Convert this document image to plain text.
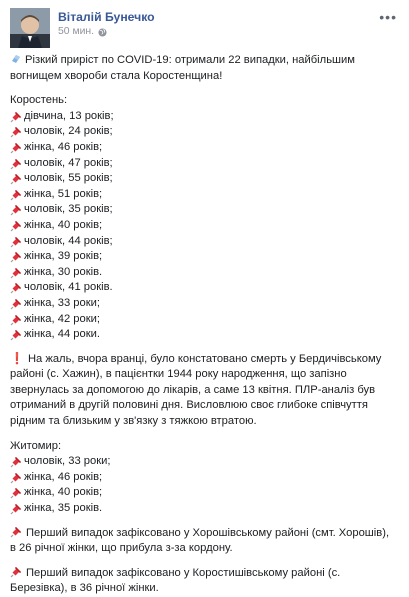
Віталій Бунечко
50 мин.
•••

Різкий приріст по COVID-19: отримали 22 випадки, найбільшим вогнищем хвороби стала Коростенщина!

Коростень:

дівчина, 13 років;
чоловік, 24 років;
жінка, 46 років;
чоловік, 47 років;
чоловік, 55 років;
жінка, 51 років;
чоловік, 35 років;
жінка, 40 років;
чоловік, 44 років;
жінка, 39 років;
жінка, 30 років.
чоловік, 41 років.
жінка, 33 роки;
жінка, 42 роки;
жінка, 44 роки.

❗ На жаль, вчора вранці, було констатовано смерть у Бердичівському районі (с. Хажин), в пацієнтки 1944 року народження, що запізно звернулась за допомогою до лікарів, а саме 13 квітня. ПЛР-аналіз був отриманий в другій половині дня. Висловлюю своє глибоке співчуття рідним та близьким у зв'язку з тяжкою втратою.

Житомир:

чоловік, 33 роки;
жінка, 46 років;
жінка, 40 років;
жінка, 35 років.

Перший випадок зафіксовано у Хорошівському районі (смт. Хорошів), в 26 річної жінки, що прибула з-за кордону.

Перший випадок зафіксовано у Коростишівському районі (с. Березівка), в 36 річної жінки.
